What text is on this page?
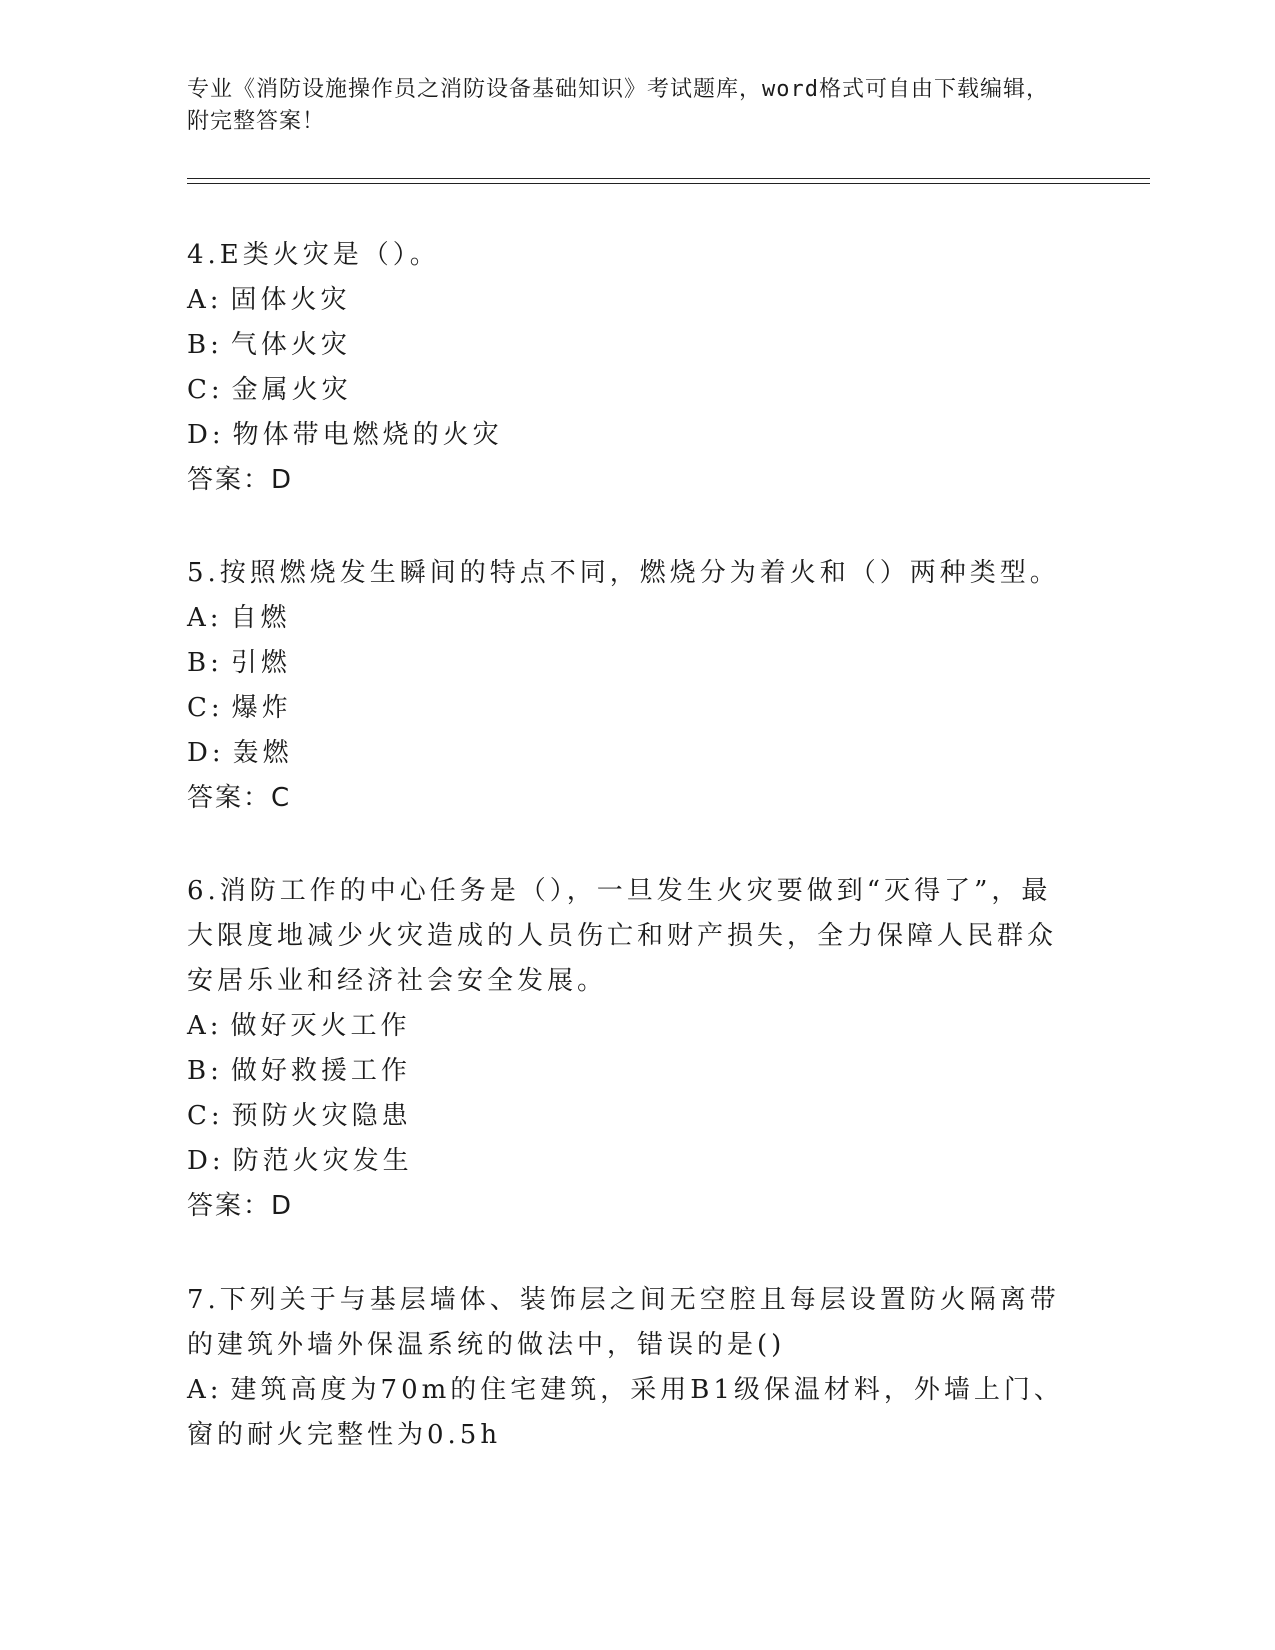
专业《消防设施操作员之消防设备基础知识》考试题库，word格式可自由下载编辑，附完整答案！

4.E类火灾是（）。

A: 固体火灾

B: 气体火灾

C: 金属火灾

D: 物体带电燃烧的火灾

答案：D

5.按照燃烧发生瞬间的特点不同，燃烧分为着火和（）两种类型。

A: 自燃

B: 引燃

C: 爆炸

D: 轰燃

答案：C

6.消防工作的中心任务是（），一旦发生火灾要做到“灭得了”，最大限度地减少火灾造成的人员伤亡和财产损失，全力保障人民群众安居乐业和经济社会安全发展。

A: 做好灭火工作

B: 做好救援工作

C: 预防火灾隐患

D: 防范火灾发生

答案：D

7.下列关于与基层墙体、装饰层之间无空腔且每层设置防火隔离带的建筑外墙外保温系统的做法中，错误的是()

A: 建筑高度为70m的住宅建筑，采用B1级保温材料，外墙上门、窗的耐火完整性为0.5h
